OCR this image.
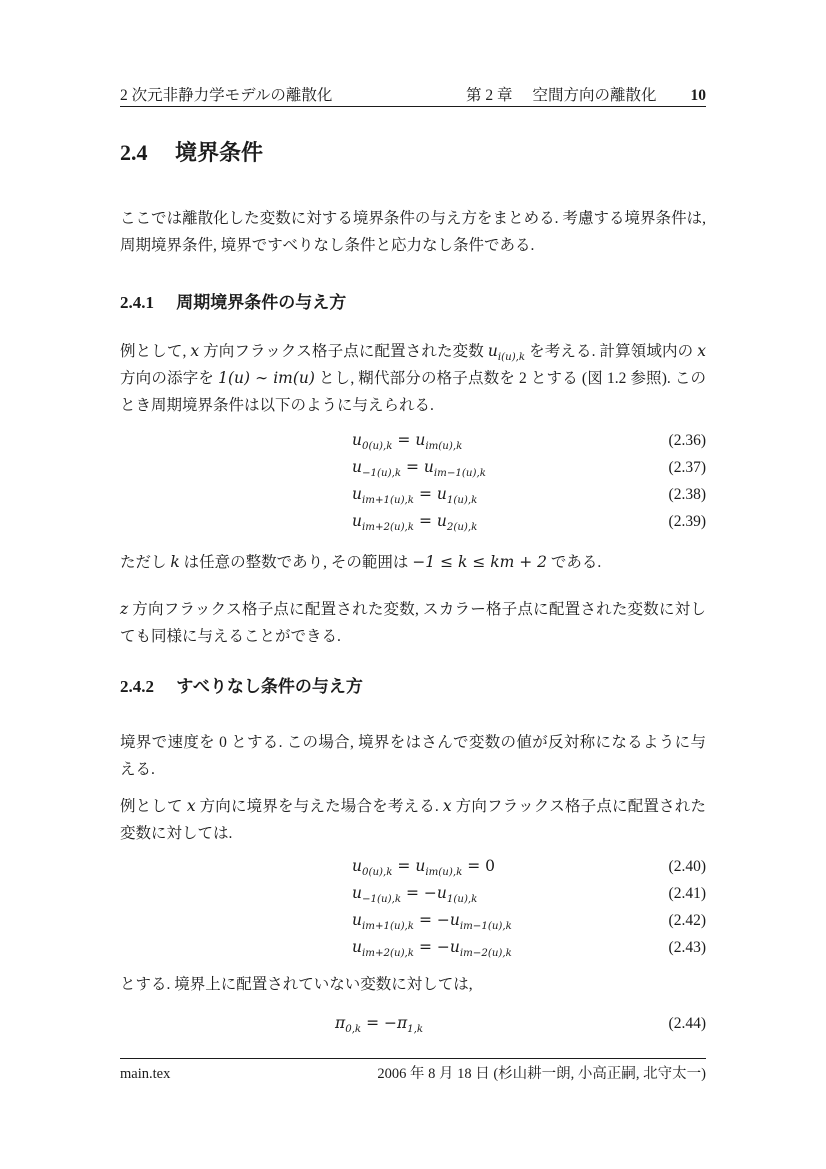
2 次元非静力学モデルの離散化	第 2 章 空間方向の離散化 10
2.4 境界条件
ここでは離散化した変数に対する境界条件の与え方をまとめる. 考慮する境界条件は, 周期境界条件, 境界ですべりなし条件と応力なし条件である.
2.4.1 周期境界条件の与え方
例として, x 方向フラックス格子点に配置された変数 $u_{i(u),k}$ を考える. 計算領域内の x 方向の添字を 1(u) ∼ im(u) とし, 糊代部分の格子点数を 2 とする (図 1.2 参照). このとき周期境界条件は以下のように与えられる.
$u_{0(u),k} = u_{im(u),k}$	(2.36)
$u_{-1(u),k} = u_{im-1(u),k}$	(2.37)
$u_{im+1(u),k} = u_{1(u),k}$	(2.38)
$u_{im+2(u),k} = u_{2(u),k}$	(2.39)
ただし k は任意の整数であり, その範囲は −1 ≤ k ≤ km + 2 である.
z 方向フラックス格子点に配置された変数, スカラー格子点に配置された変数に対しても同様に与えることができる.
2.4.2 すべりなし条件の与え方
境界で速度を 0 とする. この場合, 境界をはさんで変数の値が反対称になるように与える.
例として x 方向に境界を与えた場合を考える. x 方向フラックス格子点に配置された変数に対しては.
$u_{0(u),k} = u_{im(u),k} = 0$	(2.40)
$u_{-1(u),k} = -u_{1(u),k}$	(2.41)
$u_{im+1(u),k} = -u_{im-1(u),k}$	(2.42)
$u_{im+2(u),k} = -u_{im-2(u),k}$	(2.43)
とする. 境界上に配置されていない変数に対しては,
$\pi_{0,k} = -\pi_{1,k}$	(2.44)
main.tex	2006 年 8 月 18 日 (杉山耕一朗, 小高正嗣, 北守太一)
